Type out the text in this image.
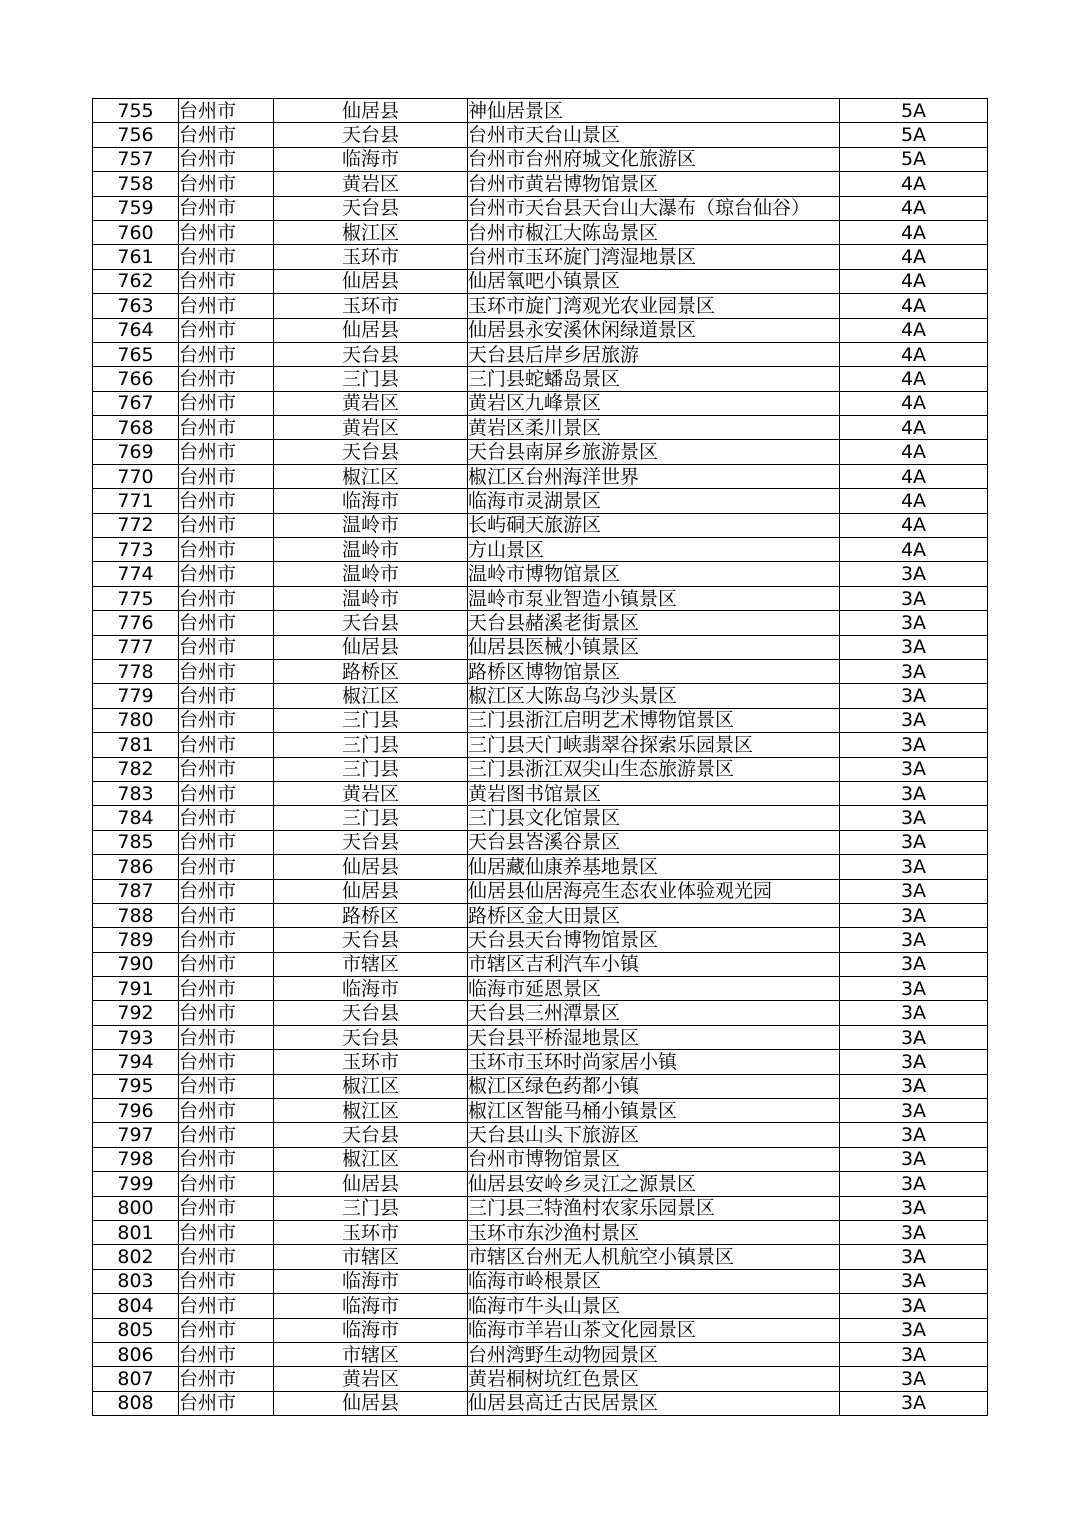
755	台州市	仙居县	神仙居景区	5A
756	台州市	天台县	台州市天台山景区	5A
757	台州市	临海市	台州市台州府城文化旅游区	5A
758	台州市	黄岩区	台州市黄岩博物馆景区	4A
759	台州市	天台县	台州市天台县天台山大瀑布（琼台仙谷）	4A
760	台州市	椒江区	台州市椒江大陈岛景区	4A
761	台州市	玉环市	台州市玉环旋门湾湿地景区	4A
762	台州市	仙居县	仙居氧吧小镇景区	4A
763	台州市	玉环市	玉环市旋门湾观光农业园景区	4A
764	台州市	仙居县	仙居县永安溪休闲绿道景区	4A
765	台州市	天台县	天台县后岸乡居旅游	4A
766	台州市	三门县	三门县蛇蟠岛景区	4A
767	台州市	黄岩区	黄岩区九峰景区	4A
768	台州市	黄岩区	黄岩区柔川景区	4A
769	台州市	天台县	天台县南屏乡旅游景区	4A
770	台州市	椒江区	椒江区台州海洋世界	4A
771	台州市	临海市	临海市灵湖景区	4A
772	台州市	温岭市	长屿硐天旅游区	4A
773	台州市	温岭市	方山景区	4A
774	台州市	温岭市	温岭市博物馆景区	3A
775	台州市	温岭市	温岭市泵业智造小镇景区	3A
776	台州市	天台县	天台县赭溪老街景区	3A
777	台州市	仙居县	仙居县医械小镇景区	3A
778	台州市	路桥区	路桥区博物馆景区	3A
779	台州市	椒江区	椒江区大陈岛乌沙头景区	3A
780	台州市	三门县	三门县浙江启明艺术博物馆景区	3A
781	台州市	三门县	三门县天门峡翡翠谷探索乐园景区	3A
782	台州市	三门县	三门县浙江双尖山生态旅游景区	3A
783	台州市	黄岩区	黄岩图书馆景区	3A
784	台州市	三门县	三门县文化馆景区	3A
785	台州市	天台县	天台县峇溪谷景区	3A
786	台州市	仙居县	仙居藏仙康养基地景区	3A
787	台州市	仙居县	仙居县仙居海亮生态农业体验观光园	3A
788	台州市	路桥区	路桥区金大田景区	3A
789	台州市	天台县	天台县天台博物馆景区	3A
790	台州市	市辖区	市辖区吉利汽车小镇	3A
791	台州市	临海市	临海市延恩景区	3A
792	台州市	天台县	天台县三州潭景区	3A
793	台州市	天台县	天台县平桥湿地景区	3A
794	台州市	玉环市	玉环市玉环时尚家居小镇	3A
795	台州市	椒江区	椒江区绿色药都小镇	3A
796	台州市	椒江区	椒江区智能马桶小镇景区	3A
797	台州市	天台县	天台县山头下旅游区	3A
798	台州市	椒江区	台州市博物馆景区	3A
799	台州市	仙居县	仙居县安岭乡灵江之源景区	3A
800	台州市	三门县	三门县三特渔村农家乐园景区	3A
801	台州市	玉环市	玉环市东沙渔村景区	3A
802	台州市	市辖区	市辖区台州无人机航空小镇景区	3A
803	台州市	临海市	临海市岭根景区	3A
804	台州市	临海市	临海市牛头山景区	3A
805	台州市	临海市	临海市羊岩山茶文化园景区	3A
806	台州市	市辖区	台州湾野生动物园景区	3A
807	台州市	黄岩区	黄岩桐树坑红色景区	3A
808	台州市	仙居县	仙居县高迁古民居景区	3A
